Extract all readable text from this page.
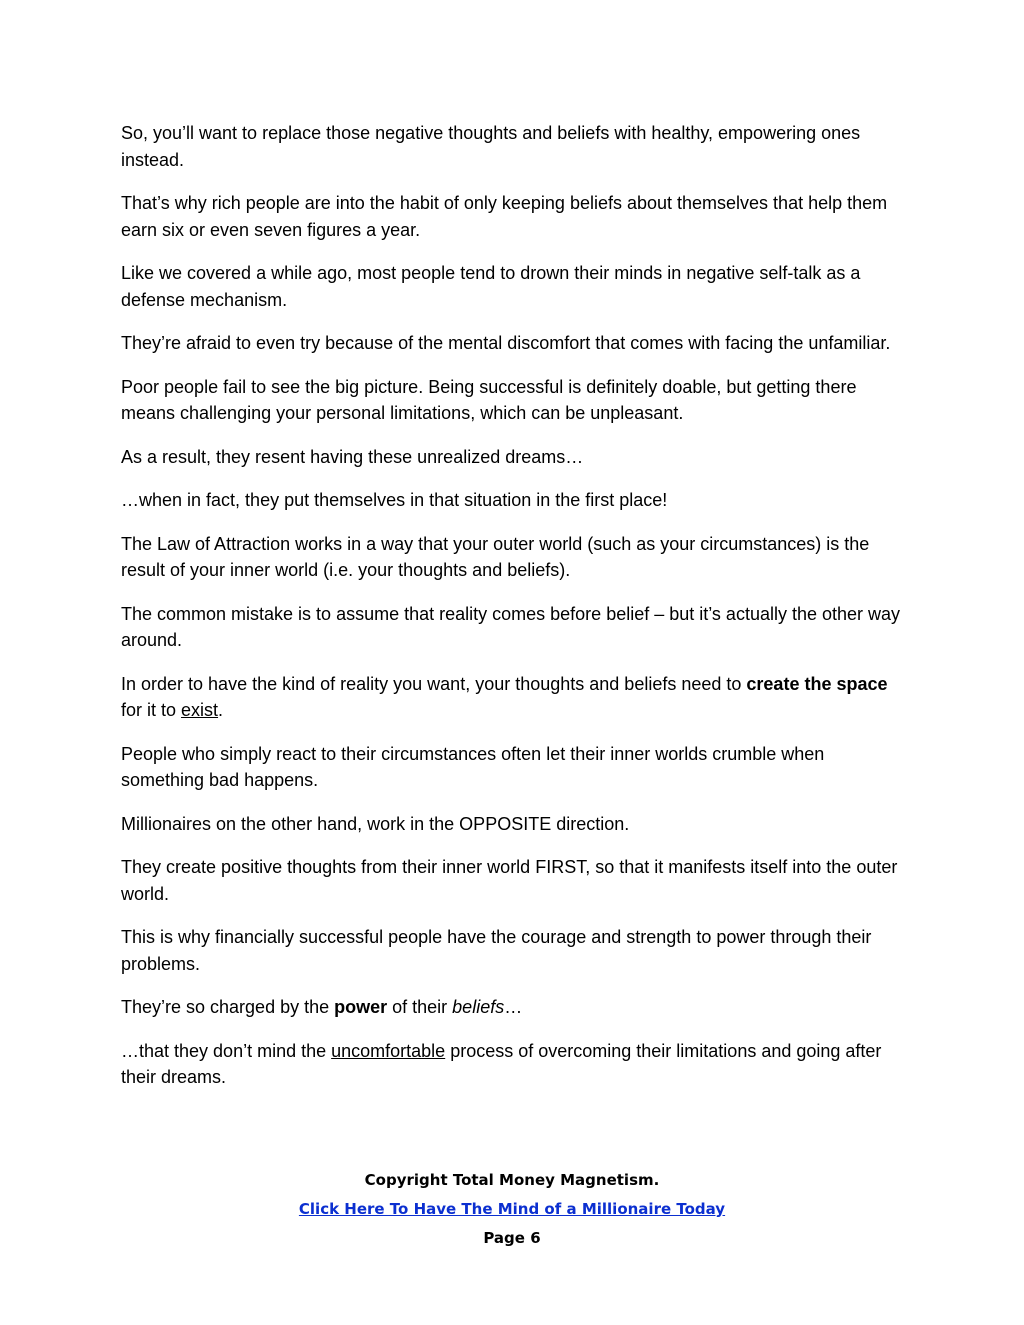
So, you’ll want to replace those negative thoughts and beliefs with healthy, empowering ones instead.

That’s why rich people are into the habit of only keeping beliefs about themselves that help them earn six or even seven figures a year.

Like we covered a while ago, most people tend to drown their minds in negative self-talk as a defense mechanism.

They’re afraid to even try because of the mental discomfort that comes with facing the unfamiliar.

Poor people fail to see the big picture. Being successful is definitely doable, but getting there means challenging your personal limitations, which can be unpleasant.

As a result, they resent having these unrealized dreams…

…when in fact, they put themselves in that situation in the first place!

The Law of Attraction works in a way that your outer world (such as your circumstances) is the result of your inner world (i.e. your thoughts and beliefs).

The common mistake is to assume that reality comes before belief – but it’s actually the other way around.

In order to have the kind of reality you want, your thoughts and beliefs need to create the space for it to exist.

People who simply react to their circumstances often let their inner worlds crumble when something bad happens.

Millionaires on the other hand, work in the OPPOSITE direction.

They create positive thoughts from their inner world FIRST, so that it manifests itself into the outer world.

This is why financially successful people have the courage and strength to power through their problems.

They’re so charged by the power of their beliefs…

…that they don’t mind the uncomfortable process of overcoming their limitations and going after their dreams.

Copyright Total Money Magnetism.
Click Here To Have The Mind of a Millionaire Today
Page 6
